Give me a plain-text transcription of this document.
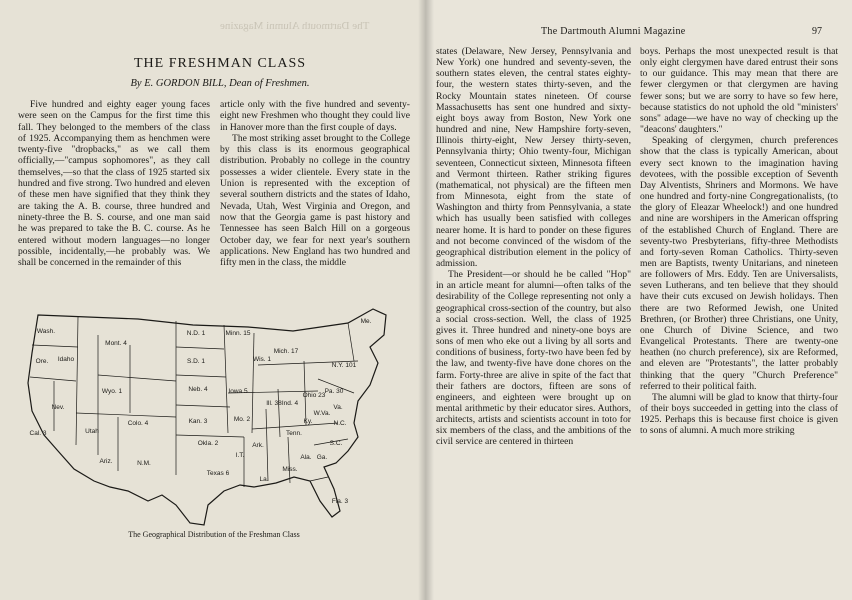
The Dartmouth Alumni Magazine
THE FRESHMAN CLASS
By E. GORDON BILL, Dean of Freshmen.

Five hundred and eighty eager young faces were seen on the Campus for the first time this fall. They belonged to the members of the class of 1925. Accompanying them as henchmen were twenty-five "dropbacks," as we call them officially,—"campus sophomores", as they call themselves,—so that the class of 1925 started six hundred and five strong. Two hundred and eleven of these men have signified that they think they are taking the A. B. course, three hundred and ninety-three the B. S. course, and one man said he was prepared to take the B. C. course. As he entered without modern languages—no longer possible, incidentally,—he probably was. We shall be concerned in the remainder of this

article only with the five hundred and seventy-eight new Freshmen who thought they could live in Hanover more than the first couple of days.

The most striking asset brought to the College by this class is its enormous geographical distribution. Probably no college in the country possesses a wider clientele. Every state in the Union is represented with the exception of several southern districts and the states of Idaho, Nevada, Utah, West Virginia and Oregon, and now that the Georgia game is past history and Tennessee has seen Balch Hill on a gorgeous October day, we fear for next year's southern applications. New England has two hundred and fifty men in the class, the middle

Wash.
Ore. Idaho
Mont. 4
Wyo. 1
Nev.
Utah
Cal. 3
Colo. 4
Ariz.	N.M.
N.D. 1
S.D. 1
Neb. 4
Kan. 3
Okla. 2
Texas 6
Minn. 15
Iowa 5
Mo. 2
Ark.
La.
I.T.
Wis. 1
Ill. 38
Mich. 17
Ind. 4
Ohio 23
Ky.
Tenn.
Miss.
Ala. Ga.
S.C.
N.C.
Fla. 3
Pa. 30
N.Y. 101
W.Va.
Va.
Me.
The Geographical Distribution of the Freshman Class
The Dartmouth Alumni Magazine	97

states (Delaware, New Jersey, Pennsylvania and New York) one hundred and seventy-seven, the southern states eleven, the central states eighty-four, the western states thirty-seven, and the Rocky Mountain states nineteen. Of course Massachusetts has sent one hundred and sixty-eight boys away from Boston, New York one hundred and nine, New Hampshire forty-seven, Illinois thirty-eight, New Jersey thirty-seven, Pennsylvania thirty; Ohio twenty-four, Michigan seventeen, Connecticut sixteen, Minnesota fifteen and Vermont thirteen. Rather striking figures (mathematical, not physical) are the fifteen men from Minnesota, eight from the state of Washington and thirty from Pennsylvania, a state which has usually been satisfied with colleges nearer home. It is hard to ponder on these figures and not become convinced of the wisdom of the geographical distribution element in the policy of admission.

The President—or should he be called "Hop" in an article meant for alumni—often talks of the desirability of the College representing not only a geographical cross-section of the country, but also a social cross-section. Well, the class of 1925 gives it. Three hundred and ninety-one boys are sons of men who eke out a living by all sorts and conditions of business, forty-two have been fed by the law, and twenty-five have done chores on the farm. Forty-three are alive in spite of the fact that their fathers are doctors, fifteen are sons of engineers, and eighteen were brought up on mental arithmetic by their educator sires. Authors, architects, artists and scientists account in toto for six members of the class, and the ambitions of the civil service are centered in thirteen

boys. Perhaps the most unexpected result is that only eight clergymen have dared entrust their sons to our guidance. This may mean that there are fewer clergymen or that clergymen are having fewer sons; but we are sorry to have so few here, because statistics do not uphold the old "ministers' sons" adage—we have no way of checking up the "deacons' daughters."

Speaking of clergymen, church preferences show that the class is typically American, about every sect known to the imagination having devotees, with the possible exception of Seventh Day Alventists, Shriners and Mormons. We have one hundred and forty-nine Congregationalists, (to the glory of Eleazar Wheelock!) and one hundred and nine are worshipers in the American offspring of the established Church of England. There are seventy-two Presbyterians, fifty-three Methodists and forty-seven Roman Catholics. Thirty-seven men are Baptists, twenty Unitarians, and nineteen are followers of Mrs. Eddy. Ten are Universalists, seven Lutherans, and ten believe that they should have their cuts excused on Jewish holidays. Then there are two Reformed Jewish, one United Brethren, (or Brother) three Christians, one Unity, one Church of Divine Science, and two Evangelical Protestants. There are twenty-one heathen (no church preference), six are Reformed, and eleven are "Protestants", the latter probably thinking that the query "Church Preference" referred to their political faith.

The alumni will be glad to know that thirty-four of their boys succeeded in getting into the class of 1925. Perhaps this is because first choice is given to sons of alumni. A much more striking
